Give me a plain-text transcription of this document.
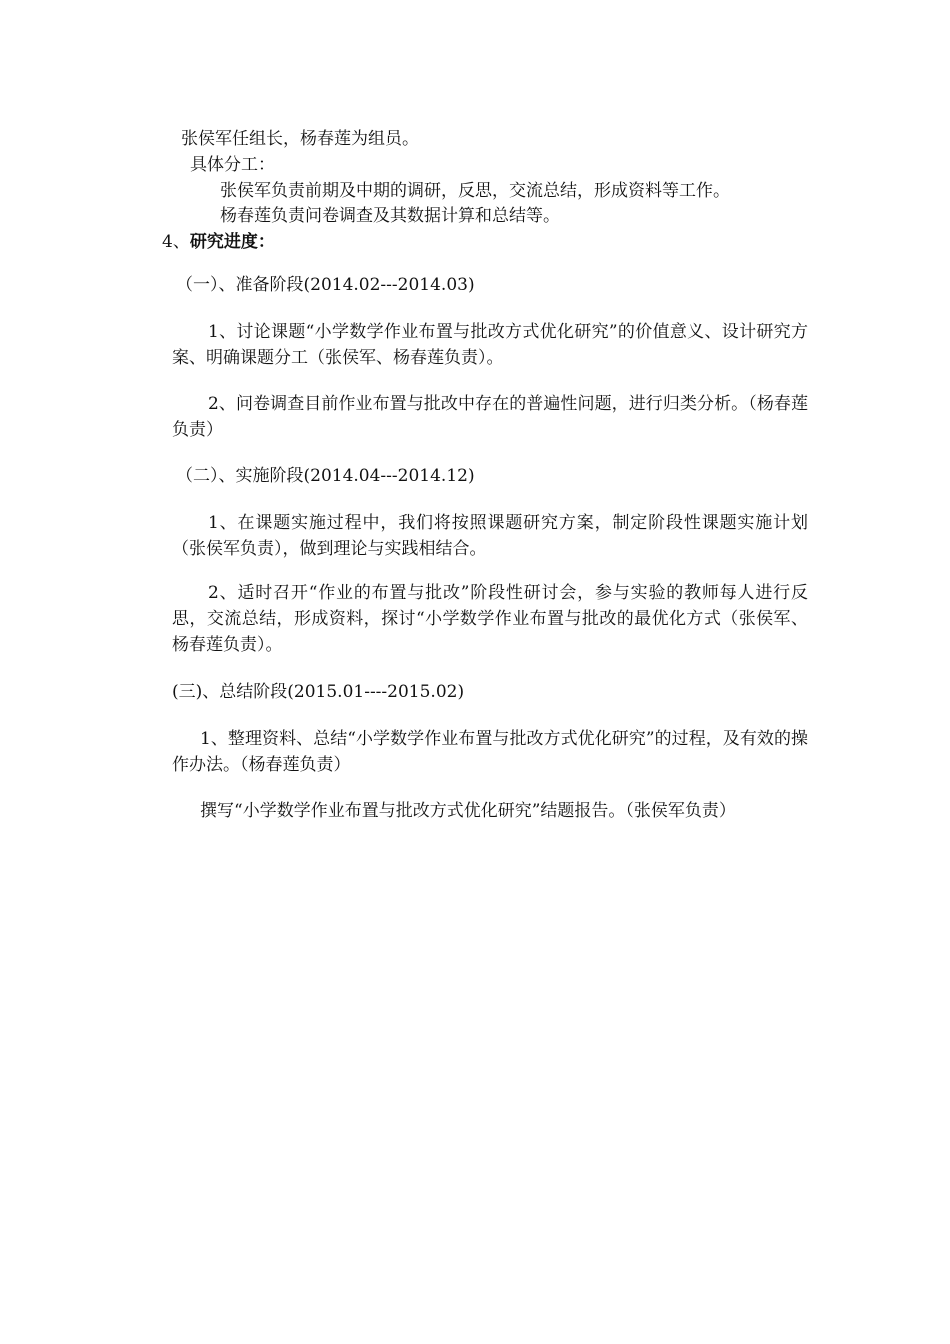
张侯军任组长，杨春莲为组员。
具体分工：
张侯军负责前期及中期的调研，反思，交流总结，形成资料等工作。
杨春莲负责问卷调查及其数据计算和总结等。
4、研究进度：
（一）、准备阶段(2014.02---2014.03)
1、讨论课题“小学数学作业布置与批改方式优化研究”的价值意义、设计研究方案、明确课题分工（张侯军、杨春莲负责）。
2、问卷调查目前作业布置与批改中存在的普遍性问题，进行归类分析。（杨春莲负责）
（二）、实施阶段(2014.04---2014.12)
1、在课题实施过程中，我们将按照课题研究方案，制定阶段性课题实施计划（张侯军负责），做到理论与实践相结合。
2、适时召开“作业的布置与批改”阶段性研讨会，参与实验的教师每人进行反思，交流总结，形成资料，探讨“小学数学作业布置与批改的最优化方式（张侯军、杨春莲负责）。
(三)、总结阶段(2015.01----2015.02)
1、整理资料、总结“小学数学作业布置与批改方式优化研究”的过程，及有效的操作办法。（杨春莲负责）
撰写“小学数学作业布置与批改方式优化研究”结题报告。（张侯军负责）
